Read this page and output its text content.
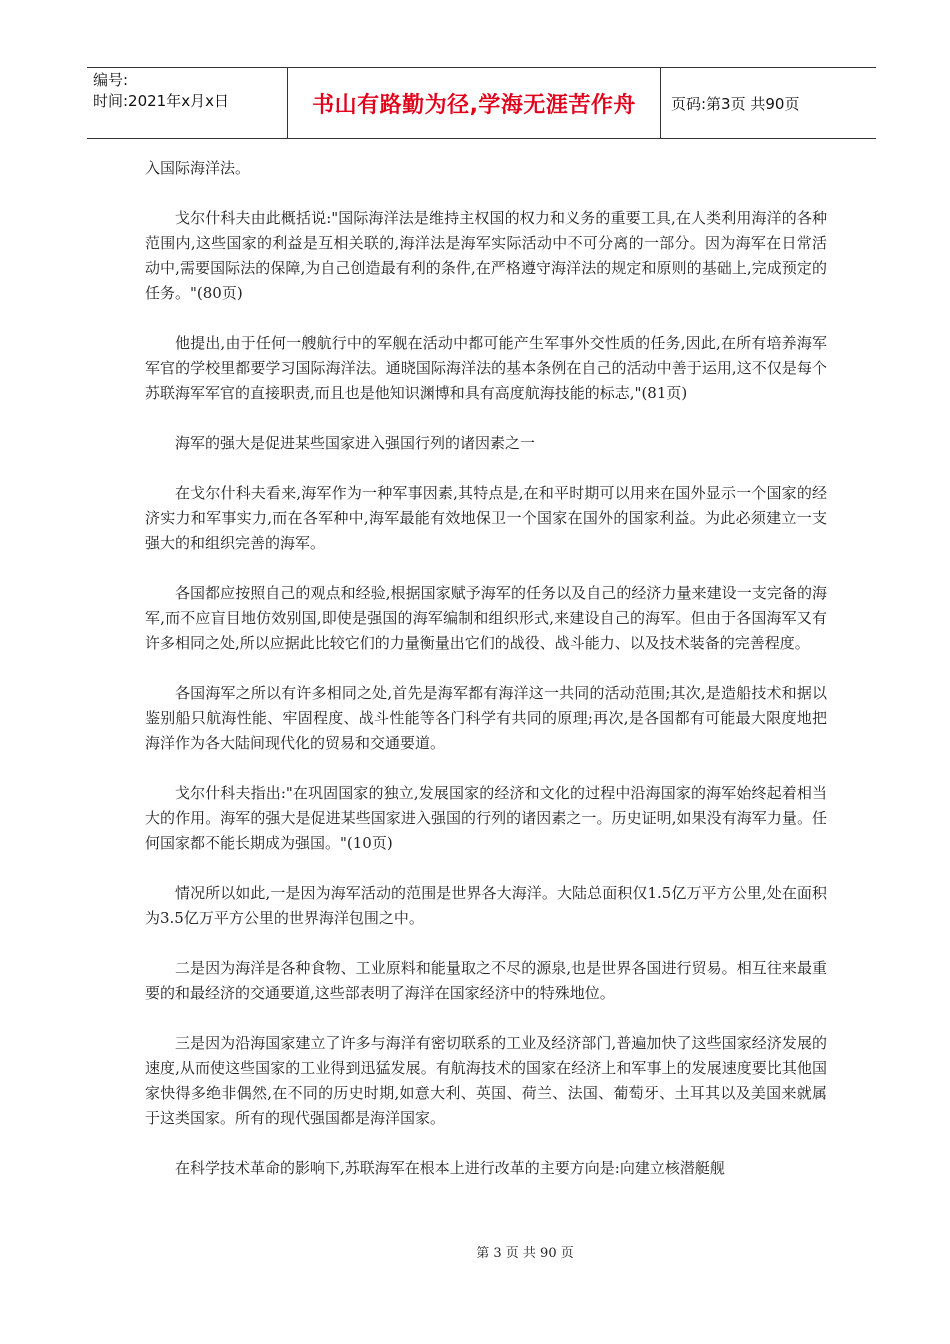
编号:
时间:2021年x月x日	书山有路勤为径,学海无涯苦作舟	页码:第3页 共90页

入国际海洋法。

戈尔什科夫由此概括说:"国际海洋法是维持主权国的权力和义务的重要工具,在人类利用海洋的各种范围内,这些国家的利益是互相关联的,海洋法是海军实际活动中不可分离的一部分。因为海军在日常活动中,需要国际法的保障,为自己创造最有利的条件,在严格遵守海洋法的规定和原则的基础上,完成预定的任务。"(80页)

他提出,由于任何一艘航行中的军舰在活动中都可能产生军事外交性质的任务,因此,在所有培养海军军官的学校里都要学习国际海洋法。通晓国际海洋法的基本条例在自己的活动中善于运用,这不仅是每个苏联海军军官的直接职责,而且也是他知识渊博和具有高度航海技能的标志,"(81页)

海军的强大是促进某些国家进入强国行列的诸因素之一

在戈尔什科夫看来,海军作为一种军事因素,其特点是,在和平时期可以用来在国外显示一个国家的经济实力和军事实力,而在各军种中,海军最能有效地保卫一个国家在国外的国家利益。为此必须建立一支强大的和组织完善的海军。

各国都应按照自己的观点和经验,根据国家赋予海军的任务以及自己的经济力量来建设一支完备的海军,而不应盲目地仿效别国,即使是强国的海军编制和组织形式,来建设自己的海军。但由于各国海军又有许多相同之处,所以应据此比较它们的力量衡量出它们的战役、战斗能力、以及技术装备的完善程度。

各国海军之所以有许多相同之处,首先是海军都有海洋这一共同的活动范围;其次,是造船技术和据以鉴别船只航海性能、牢固程度、战斗性能等各门科学有共同的原理;再次,是各国都有可能最大限度地把海洋作为各大陆间现代化的贸易和交通要道。

戈尔什科夫指出:"在巩固国家的独立,发展国家的经济和文化的过程中沿海国家的海军始终起着相当大的作用。海军的强大是促进某些国家进入强国的行列的诸因素之一。历史证明,如果没有海军力量。任何国家都不能长期成为强国。"(10页)

情况所以如此,一是因为海军活动的范围是世界各大海洋。大陆总面积仅1.5亿万平方公里,处在面积为3.5亿万平方公里的世界海洋包围之中。

二是因为海洋是各种食物、工业原料和能量取之不尽的源泉,也是世界各国进行贸易。相互往来最重要的和最经济的交通要道,这些部表明了海洋在国家经济中的特殊地位。

三是因为沿海国家建立了许多与海洋有密切联系的工业及经济部门,普遍加快了这些国家经济发展的速度,从而使这些国家的工业得到迅猛发展。有航海技术的国家在经济上和军事上的发展速度要比其他国家快得多绝非偶然,在不同的历史时期,如意大利、英国、荷兰、法国、葡萄牙、土耳其以及美国来就属于这类国家。所有的现代强国都是海洋国家。

在科学技术革命的影响下,苏联海军在根本上进行改革的主要方向是:向建立核潜艇舰

第 3 页 共 90 页
